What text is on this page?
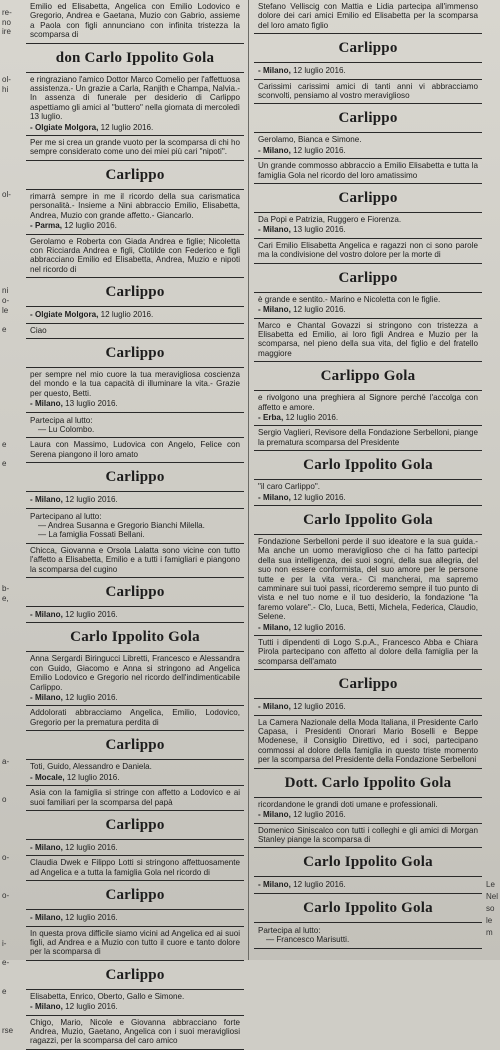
re-
no
ire
ol-
hi
ol-
ni
o-
le
e
e
e
b-
e,
a-
o
o-
o-
i-
e-
e
rse
Emilio ed Elisabetta, Angelica con Emilio Lodovico e Gregorio, Andrea e Gaetana, Muzio con Gabrio, assieme a Paola con figli annunciano con infinita tristezza la scomparsa di
don Carlo Ippolito Gola
e ringraziano l'amico Dottor Marco Comelio per l'affettuosa assistenza.- Un grazie a Carla, Ranjith e Champa, Nalvia.- In assenza di funerale per desiderio di Carlippo aspettiamo gli amici al "buttero" nella giornata di mercoledì 13 luglio.
- Olgiate Molgora, 12 luglio 2016.
Per me si crea un grande vuoto per la scomparsa di chi ho sempre considerato come uno dei miei più cari "nipoti".
Carlippo
rimarrà sempre in me il ricordo della sua carismatica personalità.- Insieme a Nini abbraccio Emilio, Elisabetta, Andrea, Muzio con grande affetto.- Giancarlo.
- Parma, 12 luglio 2016.
Gerolamo e Roberta con Giada Andrea e figlie; Nicoletta con Ricciarda Andrea e figli, Clotilde con Federico e figli abbracciano Emilio ed Elisabetta, Andrea, Muzio e nipoti nel ricordo di
Carlippo
- Olgiate Molgora, 12 luglio 2016.
Ciao
Carlippo
per sempre nel mio cuore la tua meravigliosa coscienza del mondo e la tua capacità di illuminare la vita.- Grazie per questo, Betti.
- Milano, 13 luglio 2016.
Partecipa al lutto:
— Lu Colombo.
Laura con Massimo, Ludovica con Angelo, Felice con Serena piangono il loro amato
Carlippo
- Milano, 12 luglio 2016.
Partecipano al lutto:
— Andrea Susanna e Gregorio Bianchi Milella.
— La famiglia Fossati Bellani.
Chicca, Giovanna e Orsola Lalatta sono vicine con tutto l'affetto a Elisabetta, Emilio e a tutti i famigliari e piangono la scomparsa del cugino
Carlippo
- Milano, 12 luglio 2016.
Carlo Ippolito Gola
Anna Sergardi Biringucci Libretti, Francesco e Alessandra con Guido, Giacomo e Anna si stringono ad Angelica Emilio Lodovico e Gregorio nel ricordo dell'indimenticabile Carlippo.
- Milano, 12 luglio 2016.
Addolorati abbracciamo Angelica, Emilio, Lodovico, Gregorio per la prematura perdita di
Carlippo
Toti, Guido, Alessandro e Daniela.
- Mocale, 12 luglio 2016.
Asia con la famiglia si stringe con affetto a Lodovico e ai suoi familiari per la scomparsa del papà
Carlippo
- Milano, 12 luglio 2016.
Claudia Dwek e Filippo Lotti si stringono affettuosamente ad Angelica e a tutta la famiglia Gola nel ricordo di
Carlippo
- Milano, 12 luglio 2016.
In questa prova difficile siamo vicini ad Angelica ed ai suoi figli, ad Andrea e a Muzio con tutto il cuore e tanto dolore per la scomparsa di
Carlippo
Elisabetta, Enrico, Oberto, Gallo e Simone.
- Milano, 12 luglio 2016.
Chigo, Mario, Nicole e Giovanna abbracciano forte Andrea, Muzio, Gaetano, Angelica con i suoi meravigliosi ragazzi, per la scomparsa del caro amico
Stefano Velliscig con Mattia e Lidia partecipa all'immenso dolore dei cari amici Emilio ed Elisabetta per la scomparsa del loro amato figlio
Carlippo
- Milano, 12 luglio 2016.
Carissimi carissimi amici di tanti anni vi abbracciamo sconvolti, pensiamo al vostro meraviglioso
Carlippo
Gerolamo, Bianca e Simone.
- Milano, 12 luglio 2016.
Un grande commosso abbraccio a Emilio Elisabetta e tutta la famiglia Gola nel ricordo del loro amatissimo
Carlippo
Da Popi e Patrizia, Ruggero e Fiorenza.
- Milano, 13 luglio 2016.
Cari Emilio Elisabetta Angelica e ragazzi non ci sono parole ma la condivisione del vostro dolore per la morte di
Carlippo
è grande e sentito.- Marino e Nicoletta con le figlie.
- Milano, 12 luglio 2016.
Marco e Chantal Govazzi si stringono con tristezza a Elisabetta ed Emilio, ai loro figli Andrea e Muzio per la scomparsa, nel pieno della sua vita, del figlio e del fratello maggiore
Carlippo Gola
e rivolgono una preghiera al Signore perché l'accolga con affetto e amore.
- Erba, 12 luglio 2016.
Sergio Vaglieri, Revisore della Fondazione Serbelloni, piange la prematura scomparsa del Presidente
Carlo Ippolito Gola
"il caro Carlippo".
- Milano, 12 luglio 2016.
Carlo Ippolito Gola
Fondazione Serbelloni perde il suo ideatore e la sua guida.- Ma anche un uomo meraviglioso che ci ha fatto partecipi della sua intelligenza, dei suoi sogni, della sua allegria, del suo non essere conformista, del suo amore per le persone tutte e per la vita vera.- Ci mancherai, ma sapremo camminare sui tuoi passi, ricorderemo sempre il tuo punto di vista e nel tuo nome e il tuo desiderio, la fondazione "la faremo volare".- Clo, Luca, Betti, Michela, Federica, Claudio, Selene.
- Milano, 12 luglio 2016.
Tutti i dipendenti di Logo S.p.A., Francesco Abba e Chiara Pirola partecipano con affetto al dolore della famiglia per la scomparsa dell'amato
Carlippo
- Milano, 12 luglio 2016.
La Camera Nazionale della Moda Italiana, il Presidente Carlo Capasa, i Presidenti Onorari Mario Boselli e Beppe Modenese, il Consiglio Direttivo, ed i soci, partecipano commossi al dolore della famiglia in questo triste momento per la scomparsa del Presidente della Fondazione Serbelloni
Dott. Carlo Ippolito Gola
ricordandone le grandi doti umane e professionali.
- Milano, 12 luglio 2016.
Domenico Siniscalco con tutti i colleghi e gli amici di Morgan Stanley piange la scomparsa di
Carlo Ippolito Gola
- Milano, 12 luglio 2016.
Carlo Ippolito Gola
Partecipa al lutto:
— Francesco Marisutti.
Le
Nel
so
le
m
